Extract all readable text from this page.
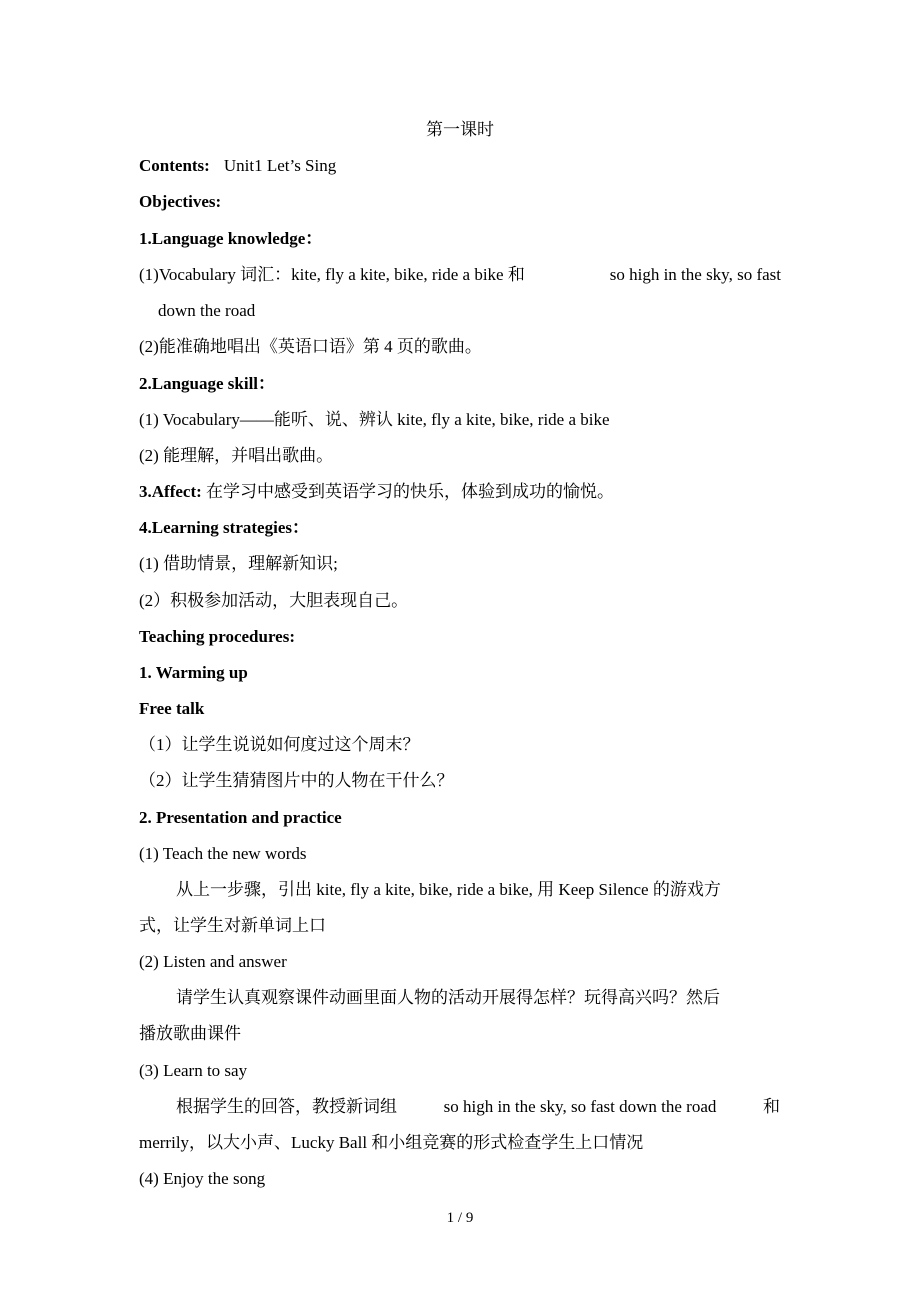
第一课时
Contents: Unit1 Let’s Sing
Objectives:
1.Language knowledge：
(1)Vocabulary 词汇：kite, fly a kite, bike, ride a bike 和	so high in the sky, so fast
down the road
(2)能准确地唱出《英语口语》第 4 页的歌曲。
2.Language skill：
(1) Vocabulary——能听、说、辨认 kite, fly a kite, bike, ride a bike
(2) 能理解，并唱出歌曲。
3.Affect: 在学习中感受到英语学习的快乐，体验到成功的愉悦。
4.Learning strategies：
(1) 借助情景，理解新知识;
(2）积极参加活动，大胆表现自己。
Teaching procedures:
1. Warming up
Free talk
（1）让学生说说如何度过这个周末？
（2）让学生猜猜图片中的人物在干什么？
2. Presentation and practice
(1) Teach the new words
从上一步骤，引出 kite, fly a kite, bike, ride a bike, 用 Keep Silence 的游戏方
式，让学生对新单词上口
(2) Listen and answer
请学生认真观察课件动画里面人物的活动开展得怎样？玩得高兴吗？然后
播放歌曲课件
(3) Learn to say
根据学生的回答，教授新词组	so high in the sky, so fast down the road	和
merrily，以大小声、Lucky Ball 和小组竞赛的形式检查学生上口情况
(4) Enjoy the song
1 / 9
